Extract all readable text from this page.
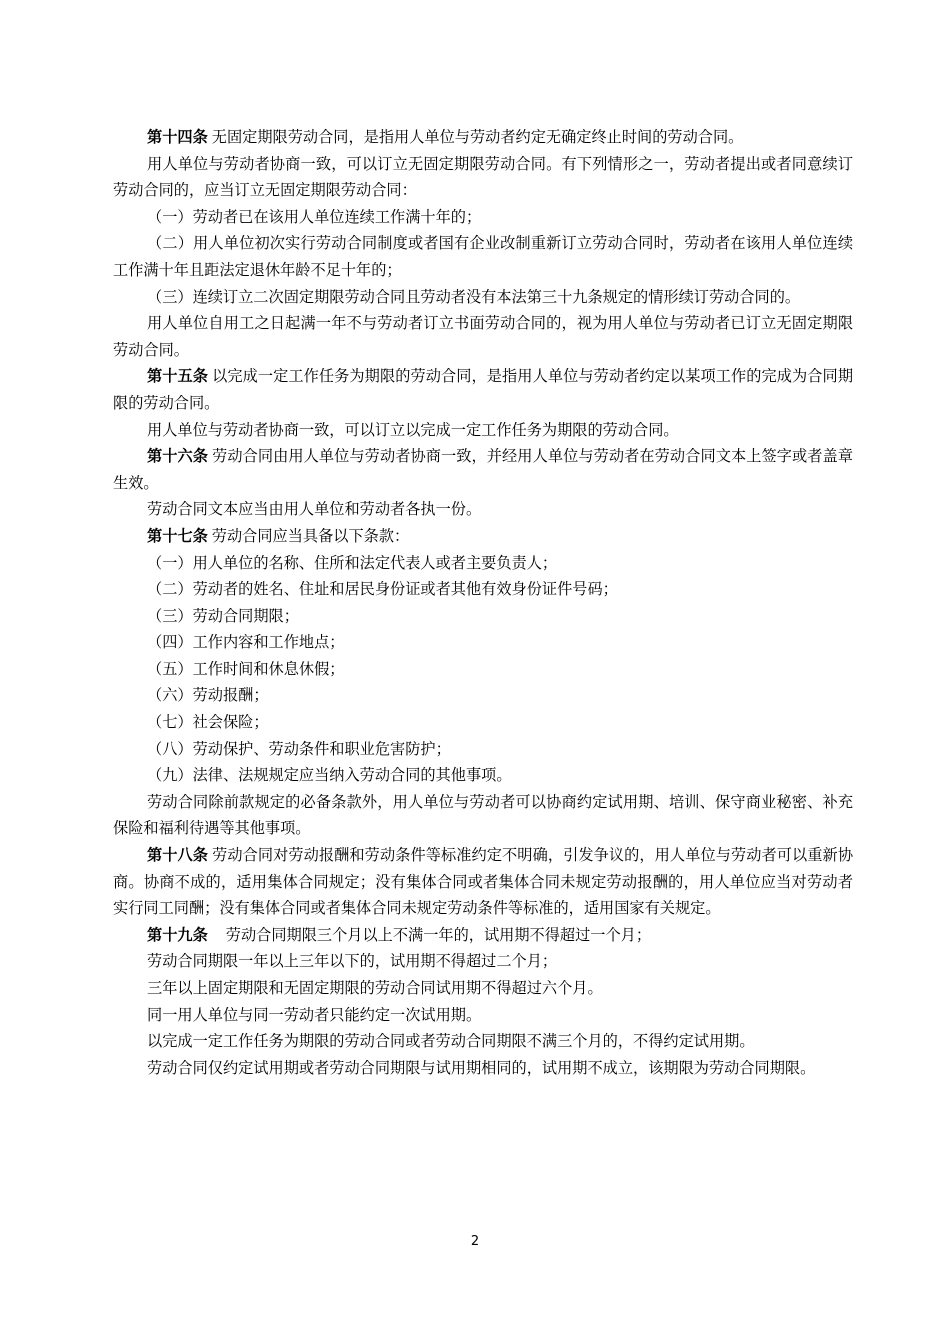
第十四条 无固定期限劳动合同，是指用人单位与劳动者约定无确定终止时间的劳动合同。

用人单位与劳动者协商一致，可以订立无固定期限劳动合同。有下列情形之一，劳动者提出或者同意续订劳动合同的，应当订立无固定期限劳动合同：

（一）劳动者已在该用人单位连续工作满十年的；

（二）用人单位初次实行劳动合同制度或者国有企业改制重新订立劳动合同时，劳动者在该用人单位连续工作满十年且距法定退休年龄不足十年的；

（三）连续订立二次固定期限劳动合同且劳动者没有本法第三十九条规定的情形续订劳动合同的。

用人单位自用工之日起满一年不与劳动者订立书面劳动合同的，视为用人单位与劳动者已订立无固定期限劳动合同。

第十五条 以完成一定工作任务为期限的劳动合同，是指用人单位与劳动者约定以某项工作的完成为合同期限的劳动合同。

用人单位与劳动者协商一致，可以订立以完成一定工作任务为期限的劳动合同。

第十六条 劳动合同由用人单位与劳动者协商一致，并经用人单位与劳动者在劳动合同文本上签字或者盖章生效。

劳动合同文本应当由用人单位和劳动者各执一份。

第十七条 劳动合同应当具备以下条款：

（一）用人单位的名称、住所和法定代表人或者主要负责人；

（二）劳动者的姓名、住址和居民身份证或者其他有效身份证件号码；

（三）劳动合同期限；

（四）工作内容和工作地点；

（五）工作时间和休息休假；

（六）劳动报酬；

（七）社会保险；

（八）劳动保护、劳动条件和职业危害防护；

（九）法律、法规规定应当纳入劳动合同的其他事项。

劳动合同除前款规定的必备条款外，用人单位与劳动者可以协商约定试用期、培训、保守商业秘密、补充保险和福利待遇等其他事项。

第十八条 劳动合同对劳动报酬和劳动条件等标准约定不明确，引发争议的，用人单位与劳动者可以重新协商。协商不成的，适用集体合同规定；没有集体合同或者集体合同未规定劳动报酬的，用人单位应当对劳动者实行同工同酬；没有集体合同或者集体合同未规定劳动条件等标准的，适用国家有关规定。

第十九条 劳动合同期限三个月以上不满一年的，试用期不得超过一个月；

劳动合同期限一年以上三年以下的，试用期不得超过二个月；

三年以上固定期限和无固定期限的劳动合同试用期不得超过六个月。

同一用人单位与同一劳动者只能约定一次试用期。

以完成一定工作任务为期限的劳动合同或者劳动合同期限不满三个月的，不得约定试用期。

劳动合同仅约定试用期或者劳动合同期限与试用期相同的，试用期不成立，该期限为劳动合同期限。

2
